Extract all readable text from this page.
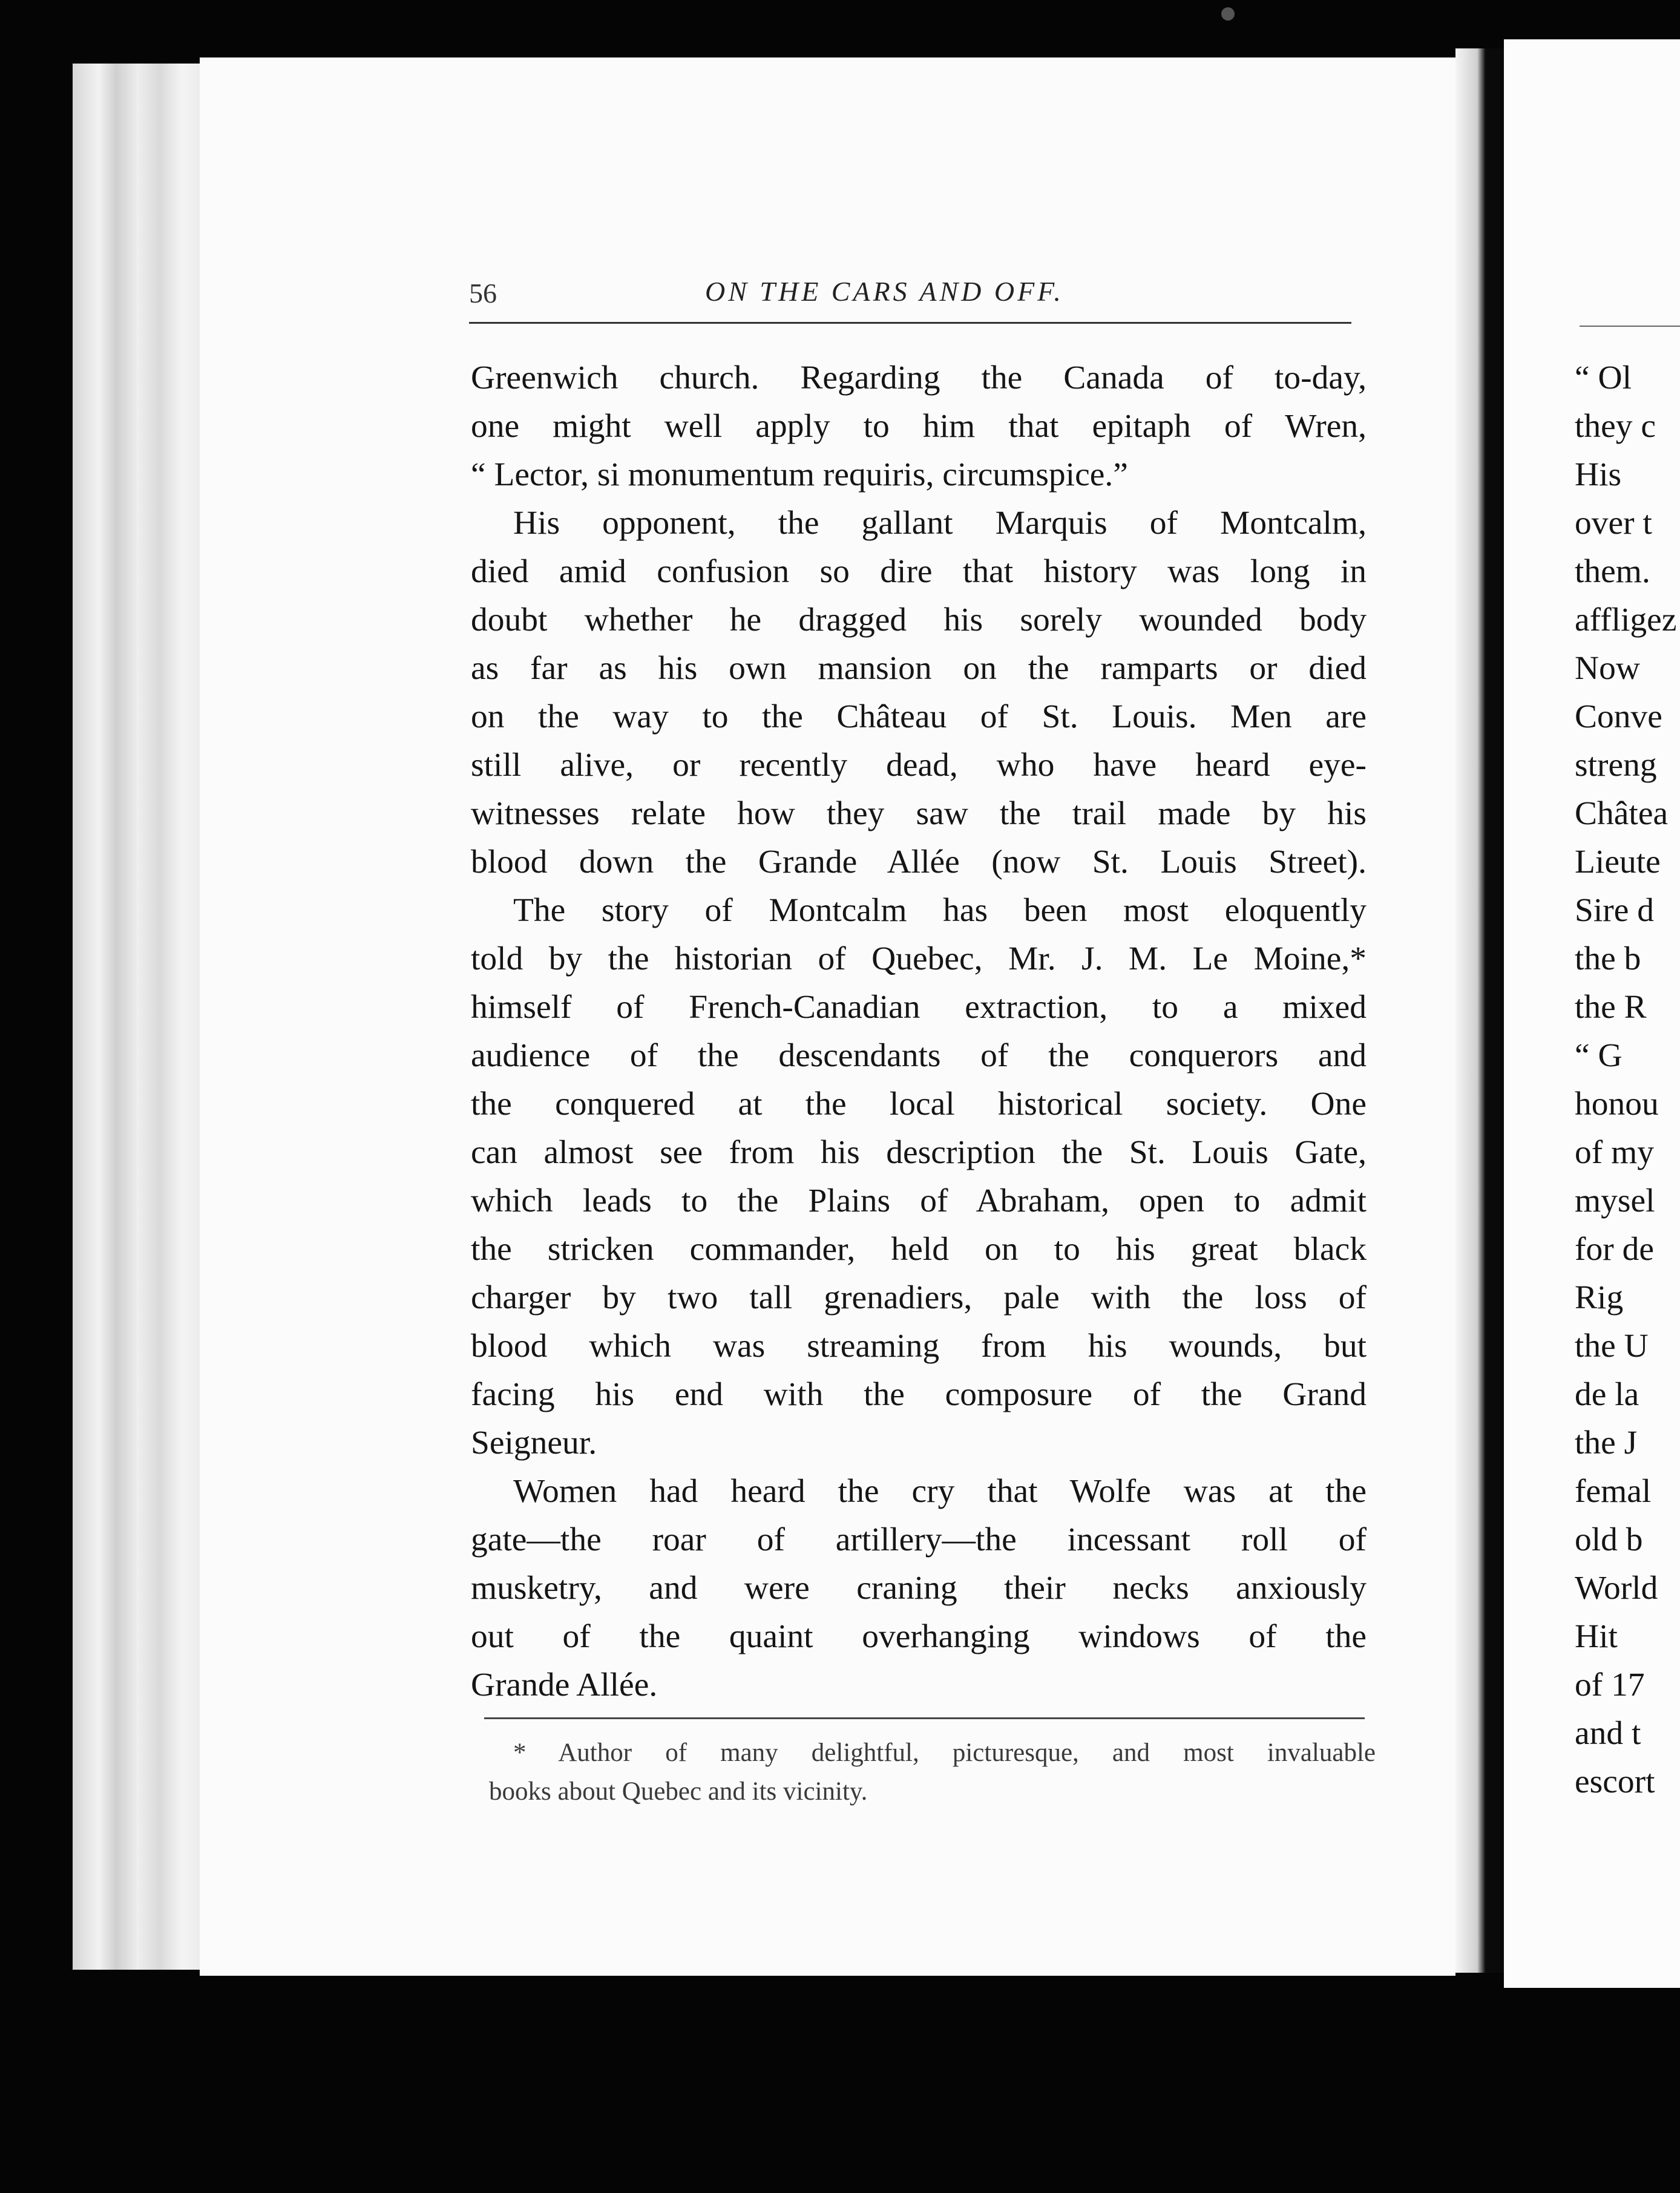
56	ON THE CARS AND OFF.

Greenwich church. Regarding the Canada of to-day,
one might well apply to him that epitaph of Wren,
“ Lector, si monumentum requiris, circumspice.”

His opponent, the gallant Marquis of Montcalm,
died amid confusion so dire that history was long in
doubt whether he dragged his sorely wounded body
as far as his own mansion on the ramparts or died
on the way to the Château of St. Louis. Men are
still alive, or recently dead, who have heard eye-
witnesses relate how they saw the trail made by his
blood down the Grande Allée (now St. Louis Street).

The story of Montcalm has been most eloquently
told by the historian of Quebec, Mr. J. M. Le Moine,*
himself of French-Canadian extraction, to a mixed
audience of the descendants of the conquerors and
the conquered at the local historical society. One
can almost see from his description the St. Louis Gate,
which leads to the Plains of Abraham, open to admit
the stricken commander, held on to his great black
charger by two tall grenadiers, pale with the loss of
blood which was streaming from his wounds, but
facing his end with the composure of the Grand
Seigneur.

Women had heard the cry that Wolfe was at the
gate—the roar of artillery—the incessant roll of
musketry, and were craning their necks anxiously
out of the quaint overhanging windows of the
Grande Allée.

* Author of many delightful, picturesque, and most invaluable
books about Quebec and its vicinity.
“ Ol
they c
His
over t
them.
affligez
Now
Conve
streng
Châtea
Lieute
Sire d
the b
the R
“ G
honou
of my
mysel
for de
Rig
the U
de la
the J
femal
old b
World
Hit
of 17
and t
escort
